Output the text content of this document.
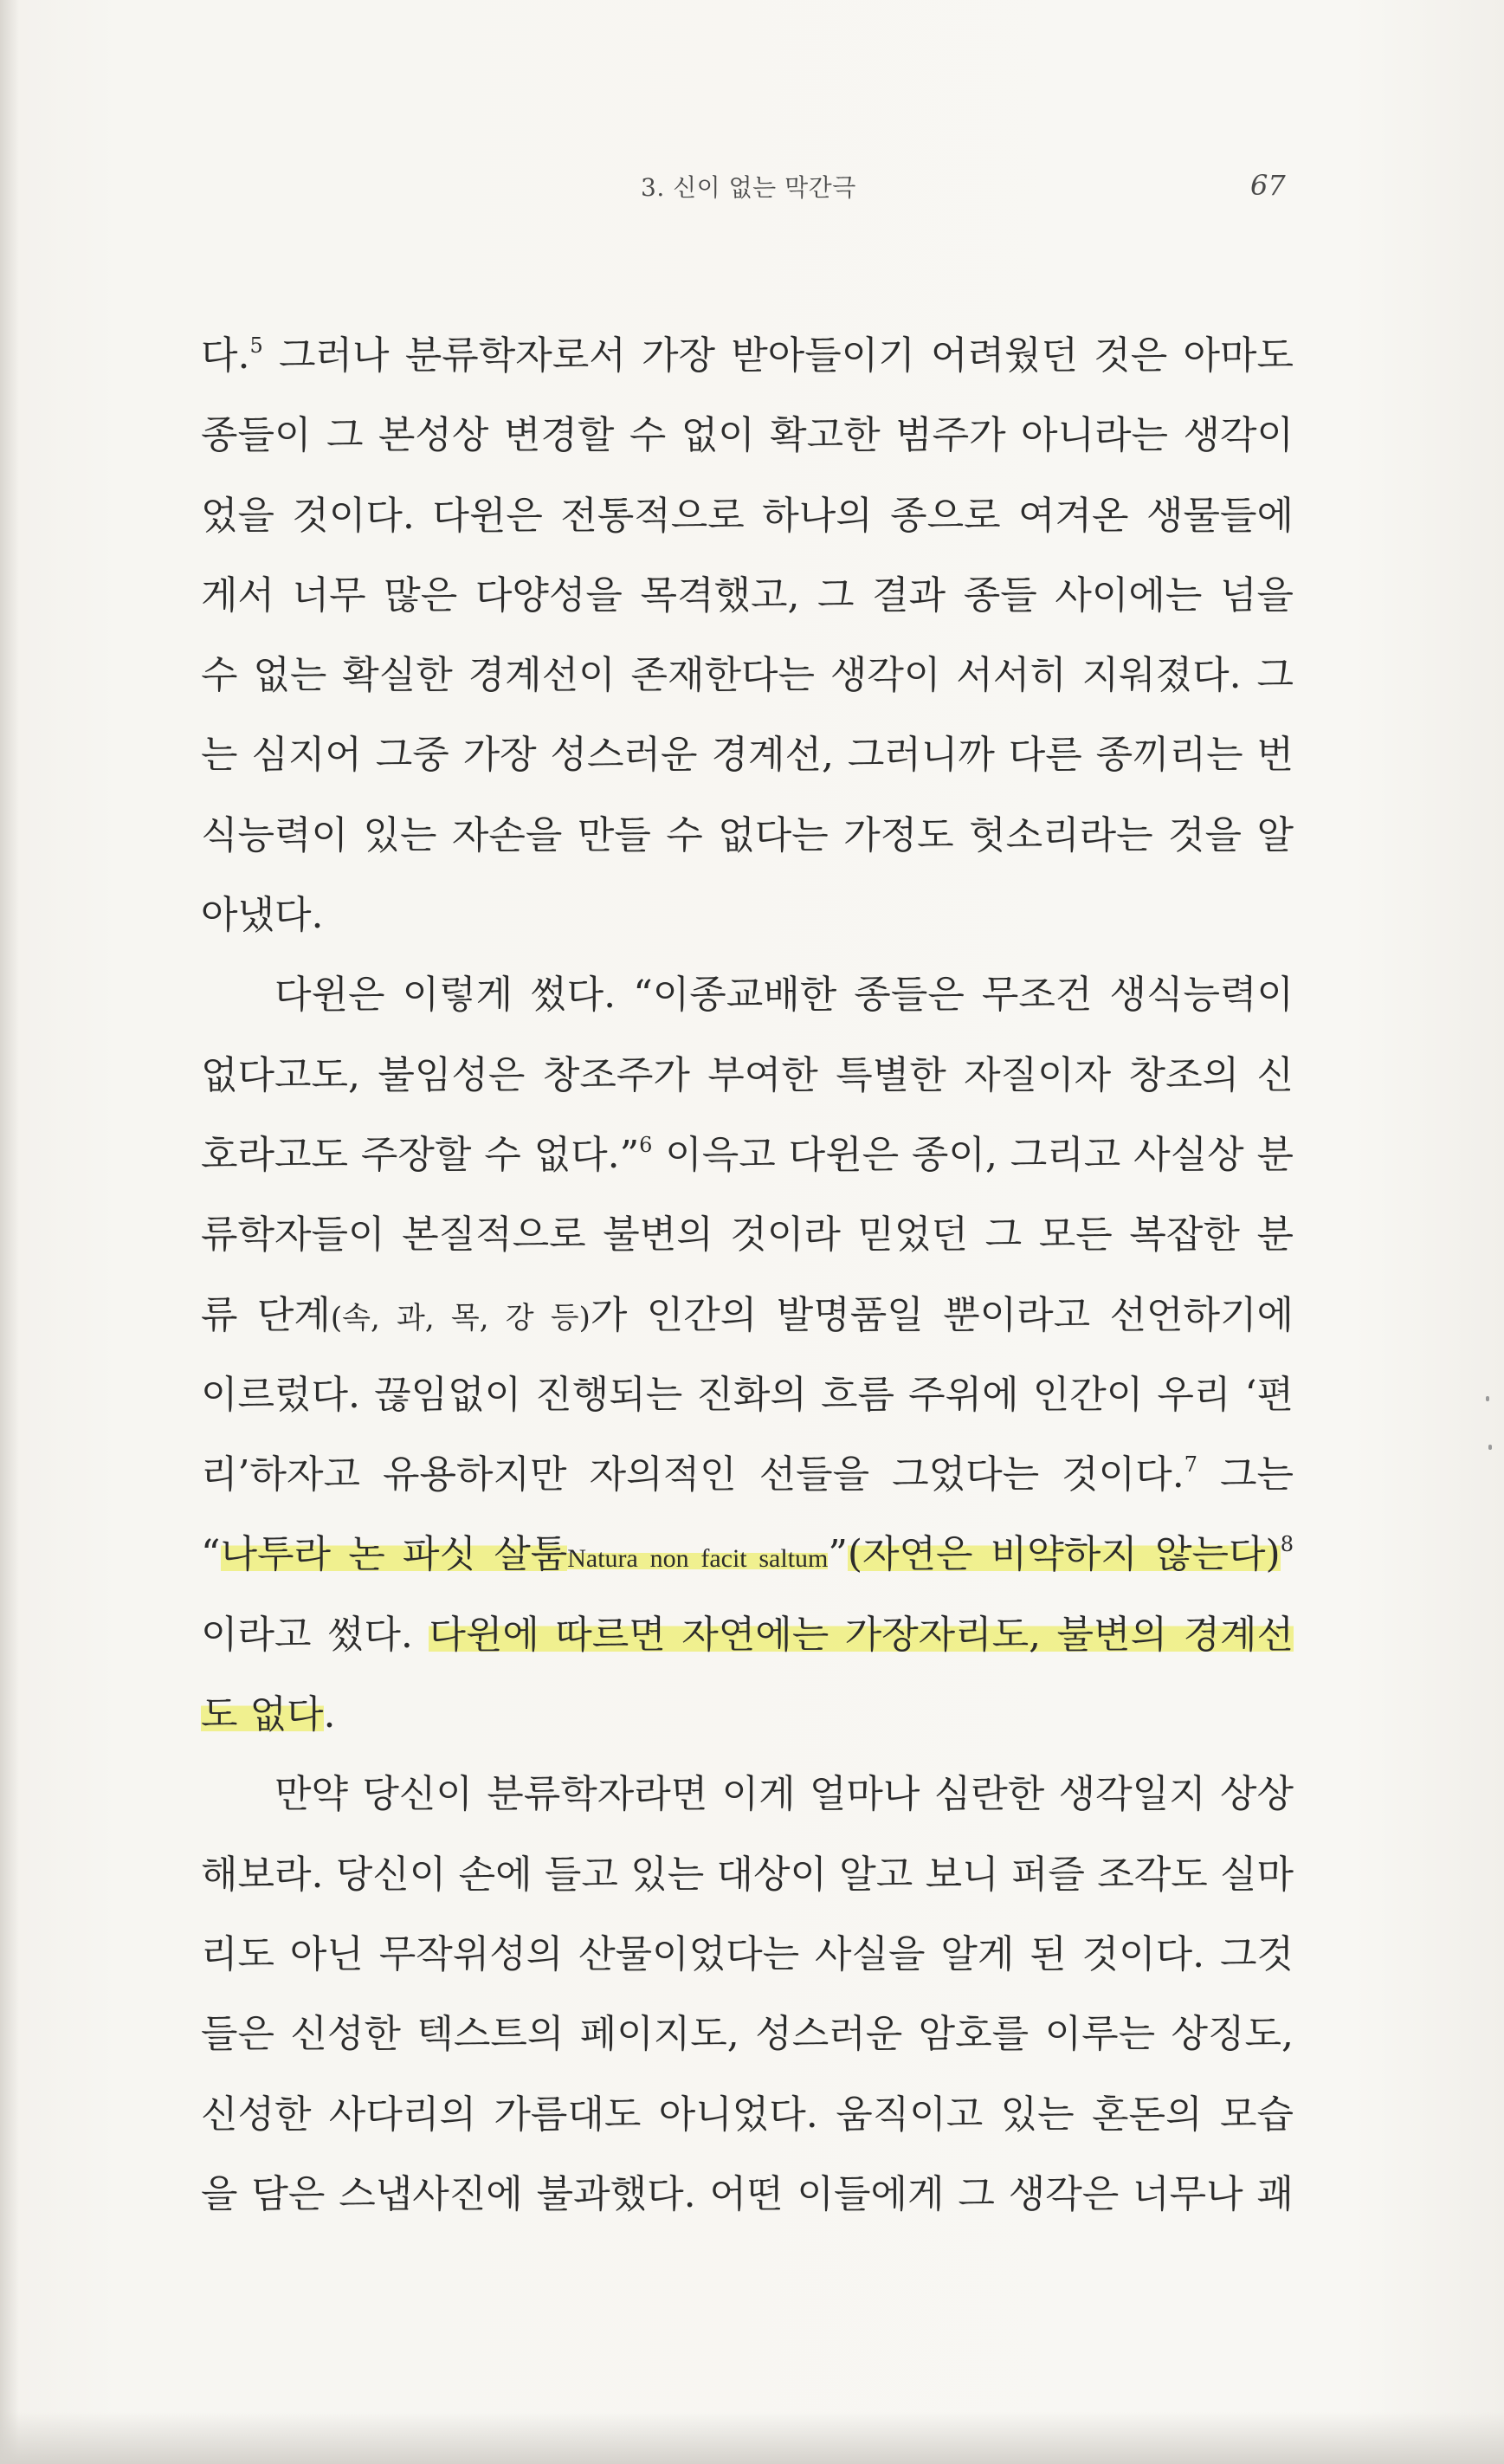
3. 신이 없는 막간극	67
다.$^5$ 그러나 분류학자로서 가장 받아들이기 어려웠던 것은 아마도
종들이 그 본성상 변경할 수 없이 확고한 범주가 아니라는 생각이
었을 것이다. 다윈은 전통적으로 하나의 종으로 여겨온 생물들에
게서 너무 많은 다양성을 목격했고, 그 결과 종들 사이에는 넘을
수 없는 확실한 경계선이 존재한다는 생각이 서서히 지워졌다. 그
는 심지어 그중 가장 성스러운 경계선, 그러니까 다른 종끼리는 번
식능력이 있는 자손을 만들 수 없다는 가정도 헛소리라는 것을 알
아냈다.
다윈은 이렇게 썼다. “이종교배한 종들은 무조건 생식능력이
없다고도, 불임성은 창조주가 부여한 특별한 자질이자 창조의 신
호라고도 주장할 수 없다.”$^6$ 이윽고 다윈은 종이, 그리고 사실상 분
류학자들이 본질적으로 불변의 것이라 믿었던 그 모든 복잡한 분
류 단계(속, 과, 목, 강 등)가 인간의 발명품일 뿐이라고 선언하기에
이르렀다. 끊임없이 진행되는 진화의 흐름 주위에 인간이 우리 ‘편
리’하자고 유용하지만 자의적인 선들을 그었다는 것이다.$^7$ 그는
“나투라 논 파싯 살툼Natura non facit saltum”(자연은 비약하지 않는다)$^8$
이라고 썼다. 다윈에 따르면 자연에는 가장자리도, 불변의 경계선
도 없다.
만약 당신이 분류학자라면 이게 얼마나 심란한 생각일지 상상
해보라. 당신이 손에 들고 있는 대상이 알고 보니 퍼즐 조각도 실마
리도 아닌 무작위성의 산물이었다는 사실을 알게 된 것이다. 그것
들은 신성한 텍스트의 페이지도, 성스러운 암호를 이루는 상징도,
신성한 사다리의 가름대도 아니었다. 움직이고 있는 혼돈의 모습
을 담은 스냅사진에 불과했다. 어떤 이들에게 그 생각은 너무나 괘
